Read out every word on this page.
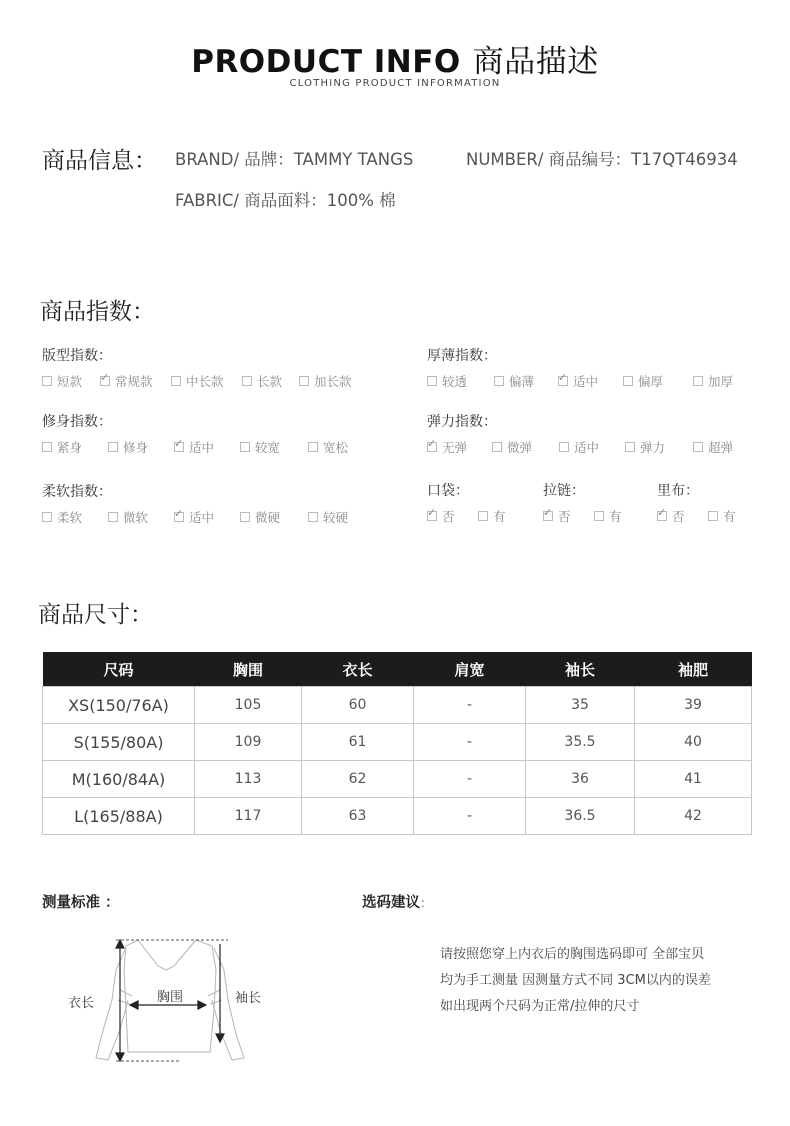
PRODUCT INFO 商品描述
CLOTHING PRODUCT INFORMATION
商品信息： BRAND/ 品牌：TAMMY TANGS	NUMBER/ 商品编号：T17QT46934
FABRIC/ 商品面料：100% 棉
商品指数：
版型指数：
短款 ✓	常规款	中长款	长款	加长款
厚薄指数：
较透	偏薄 ✓	适中	偏厚	加厚
修身指数：
紧身	修身 ✓	适中	较宽	宽松
弹力指数：
✓
无弹	微弹	适中	弹力	超弹
柔软指数：
柔软	微软 ✓	适中	微硬	较硬
口袋：
✓
否	有
拉链：
✓
否	有
里布：
✓
否	有
商品尺寸：
尺码	胸围	衣长	肩宽	袖长	袖肥
XS(150/76A)	105	60	-	35	39
S(155/80A)	109	61	-	35.5	40
M(160/84A)	113	62	-	36	41
L(165/88A)	117	63	-	36.5	42
测量标准 ：
衣长	胸围	袖长
选码建议：
请按照您穿上内衣后的胸围选码即可 全部宝贝
均为手工测量 因测量方式不同 3CM以内的误差
如出现两个尺码为正常/拉伸的尺寸
